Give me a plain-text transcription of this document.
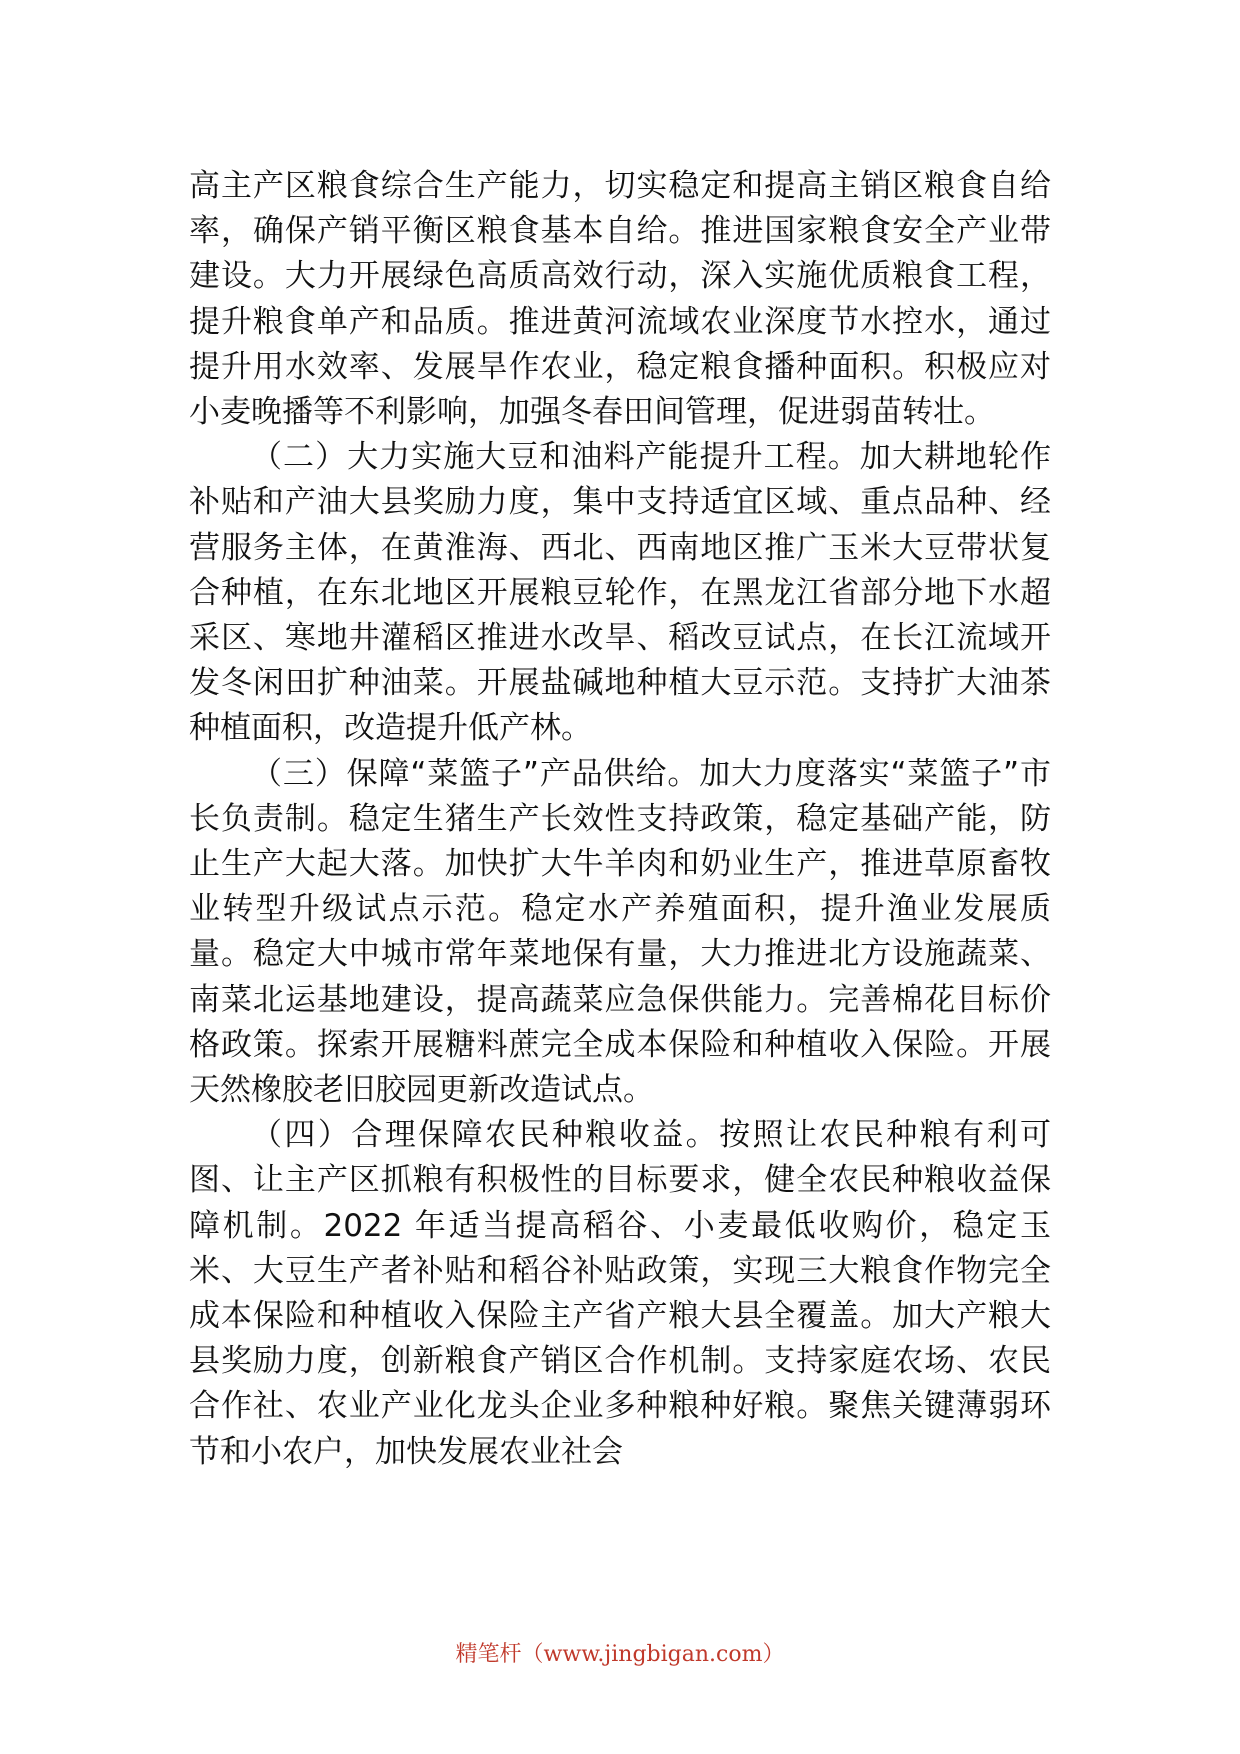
高主产区粮食综合生产能力，切实稳定和提高主销区粮食自给率，确保产销平衡区粮食基本自给。推进国家粮食安全产业带建设。大力开展绿色高质高效行动，深入实施优质粮食工程，提升粮食单产和品质。推进黄河流域农业深度节水控水，通过提升用水效率、发展旱作农业，稳定粮食播种面积。积极应对小麦晚播等不利影响，加强冬春田间管理，促进弱苗转壮。

（二）大力实施大豆和油料产能提升工程。加大耕地轮作补贴和产油大县奖励力度，集中支持适宜区域、重点品种、经营服务主体，在黄淮海、西北、西南地区推广玉米大豆带状复合种植，在东北地区开展粮豆轮作，在黑龙江省部分地下水超采区、寒地井灌稻区推进水改旱、稻改豆试点，在长江流域开发冬闲田扩种油菜。开展盐碱地种植大豆示范。支持扩大油茶种植面积，改造提升低产林。

（三）保障“菜篮子”产品供给。加大力度落实“菜篮子”市长负责制。稳定生猪生产长效性支持政策，稳定基础产能，防止生产大起大落。加快扩大牛羊肉和奶业生产，推进草原畜牧业转型升级试点示范。稳定水产养殖面积，提升渔业发展质量。稳定大中城市常年菜地保有量，大力推进北方设施蔬菜、南菜北运基地建设，提高蔬菜应急保供能力。完善棉花目标价格政策。探索开展糖料蔗完全成本保险和种植收入保险。开展天然橡胶老旧胶园更新改造试点。

（四）合理保障农民种粮收益。按照让农民种粮有利可图、让主产区抓粮有积极性的目标要求，健全农民种粮收益保障机制。2022 年适当提高稻谷、小麦最低收购价，稳定玉米、大豆生产者补贴和稻谷补贴政策，实现三大粮食作物完全成本保险和种植收入保险主产省产粮大县全覆盖。加大产粮大县奖励力度，创新粮食产销区合作机制。支持家庭农场、农民合作社、农业产业化龙头企业多种粮种好粮。聚焦关键薄弱环节和小农户，加快发展农业社会

精笔杆（www.jingbigan.com）
